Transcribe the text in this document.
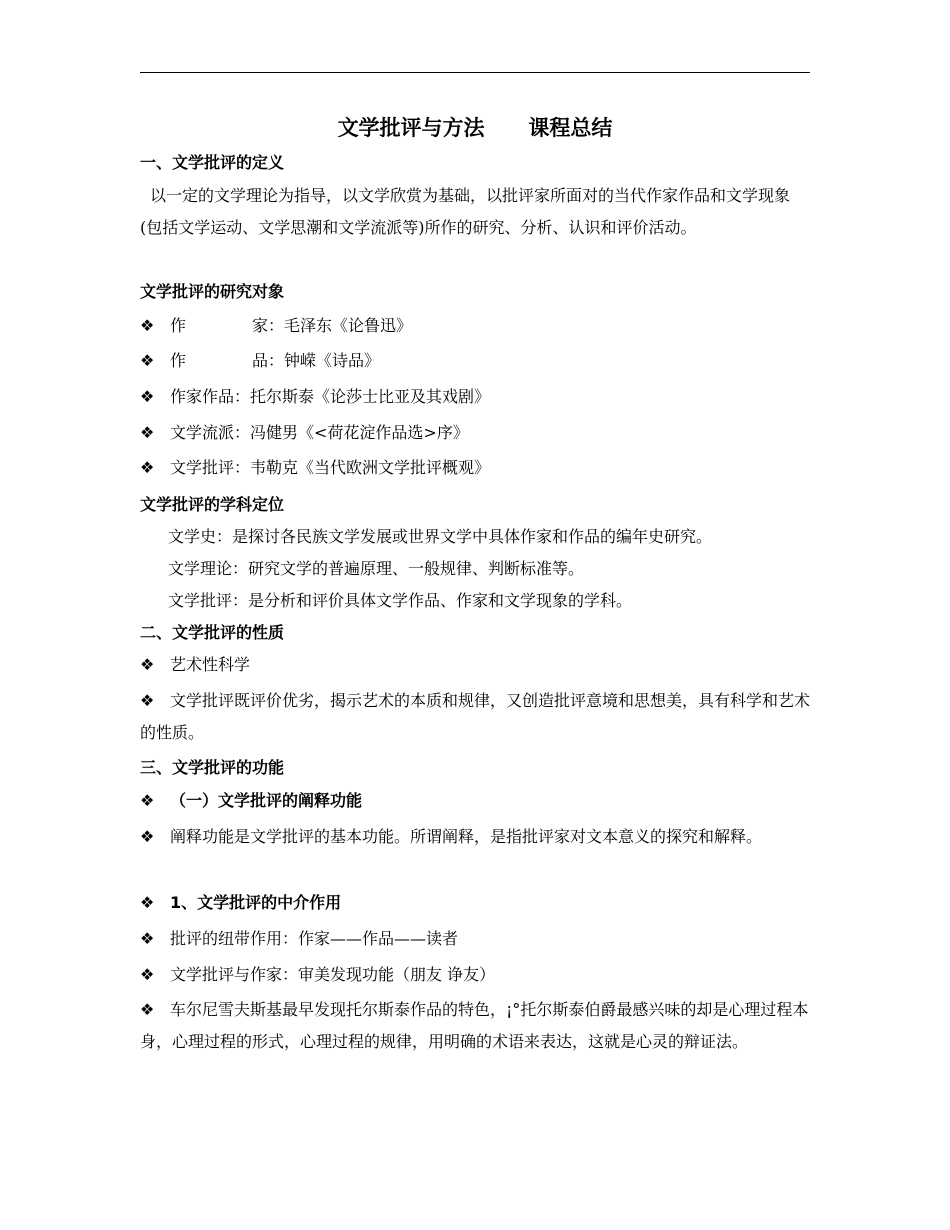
文学批评与方法      课程总结
一、文学批评的定义
以一定的文学理论为指导，以文学欣赏为基础，以批评家所面对的当代作家作品和文学现象(包括文学运动、文学思潮和文学流派等)所作的研究、分析、认识和评价活动。
文学批评的研究对象
❖ 作	家：毛泽东《论鲁迅》
❖ 作	品：钟嵘《诗品》
❖ 作家作品：托尔斯泰《论莎士比亚及其戏剧》
❖ 文学流派：冯健男《<荷花淀作品选>序》
❖ 文学批评：韦勒克《当代欧洲文学批评概观》
文学批评的学科定位
文学史：是探讨各民族文学发展或世界文学中具体作家和作品的编年史研究。
文学理论：研究文学的普遍原理、一般规律、判断标准等。
文学批评：是分析和评价具体文学作品、作家和文学现象的学科。
二、文学批评的性质
❖ 艺术性科学
❖ 文学批评既评价优劣，揭示艺术的本质和规律，又创造批评意境和思想美，具有科学和艺术的性质。
三、文学批评的功能
❖ （一）文学批评的阐释功能
❖ 阐释功能是文学批评的基本功能。所谓阐释，是指批评家对文本意义的探究和解释。
❖ 1、文学批评的中介作用
❖ 批评的纽带作用：作家——作品——读者
❖ 文学批评与作家：审美发现功能（朋友 诤友）
❖ 车尔尼雪夫斯基最早发现托尔斯泰作品的特色，¡°托尔斯泰伯爵最感兴味的却是心理过程本身，心理过程的形式，心理过程的规律，用明确的术语来表达，这就是心灵的辩证法。
